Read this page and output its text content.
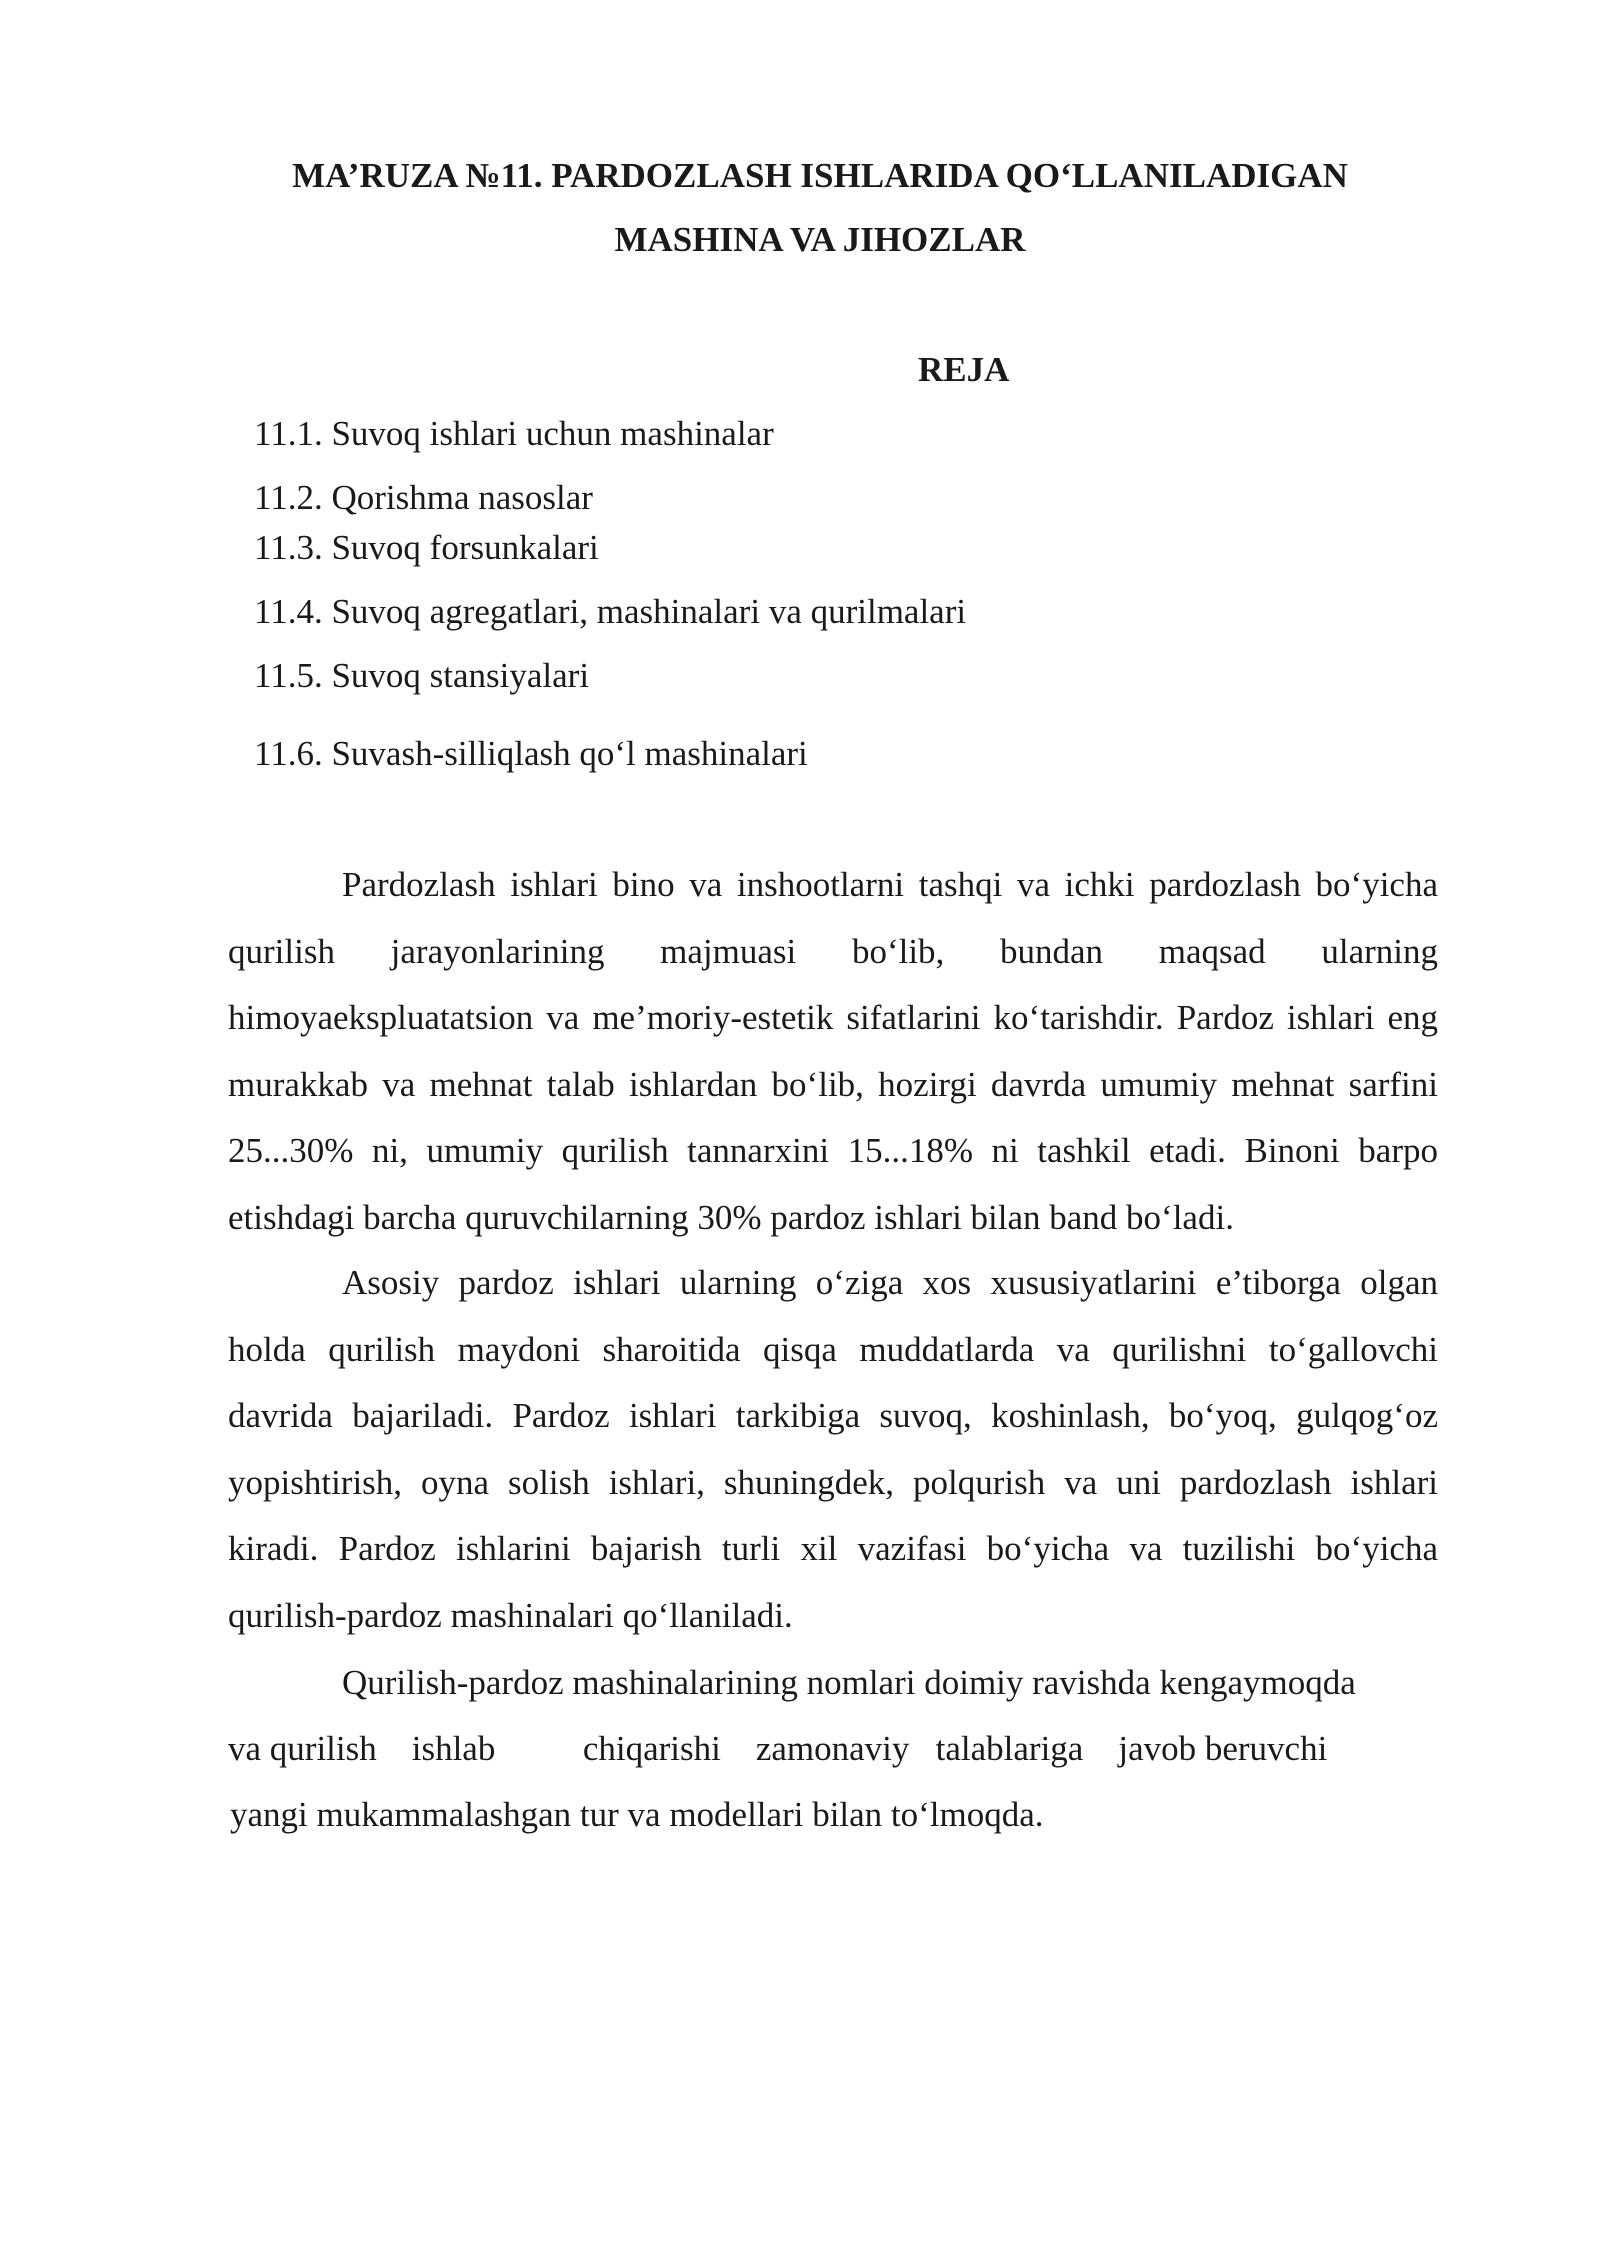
MA’RUZA №11. PARDOZLASH ISHLARIDA QO‘LLANILADIGAN
MASHINA VA JIHOZLAR
REJA

11.1. Suvoq ishlari uchun mashinalar

11.2. Qorishma nasoslar

11.3. Suvoq forsunkalari

11.4. Suvoq agregatlari, mashinalari va qurilmalari

11.5. Suvoq stansiyalari

11.6. Suvash-silliqlash qo‘l mashinalari

Pardozlash ishlari bino va inshootlarni tashqi va ichki pardozlash bo‘yicha qurilish jarayonlarining majmuasi bo‘lib, bundan maqsad ularning himoyaekspluatatsion va me’moriy-estetik sifatlarini ko‘tarishdir. Pardoz ishlari eng murakkab va mehnat talab ishlardan bo‘lib, hozirgi davrda umumiy mehnat sarfini 25...30% ni, umumiy qurilish tannarxini 15...18% ni tashkil etadi. Binoni barpo etishdagi barcha quruvchilarning 30% pardoz ishlari bilan band bo‘ladi.

Asosiy pardoz ishlari ularning o‘ziga xos xususiyatlarini e’tiborga olgan holda qurilish maydoni sharoitida qisqa muddatlarda va qurilishni to‘gallovchi davrida bajariladi. Pardoz ishlari tarkibiga suvoq, koshinlash, bo‘yoq, gulqog‘oz yopishtirish, oyna solish ishlari, shuningdek, polqurish va uni pardozlash ishlari kiradi. Pardoz ishlarini bajarish turli xil vazifasi bo‘yicha va tuzilishi bo‘yicha qurilish-pardoz mashinalari qo‘llaniladi.

Qurilish-pardoz mashinalarining nomlari doimiy ravishda kengaymoqda

va qurilish    ishlab          chiqarishi    zamonaviy   talablariga    javob beruvchi

yangi mukammalashgan tur va modellari bilan to‘lmoqda.
